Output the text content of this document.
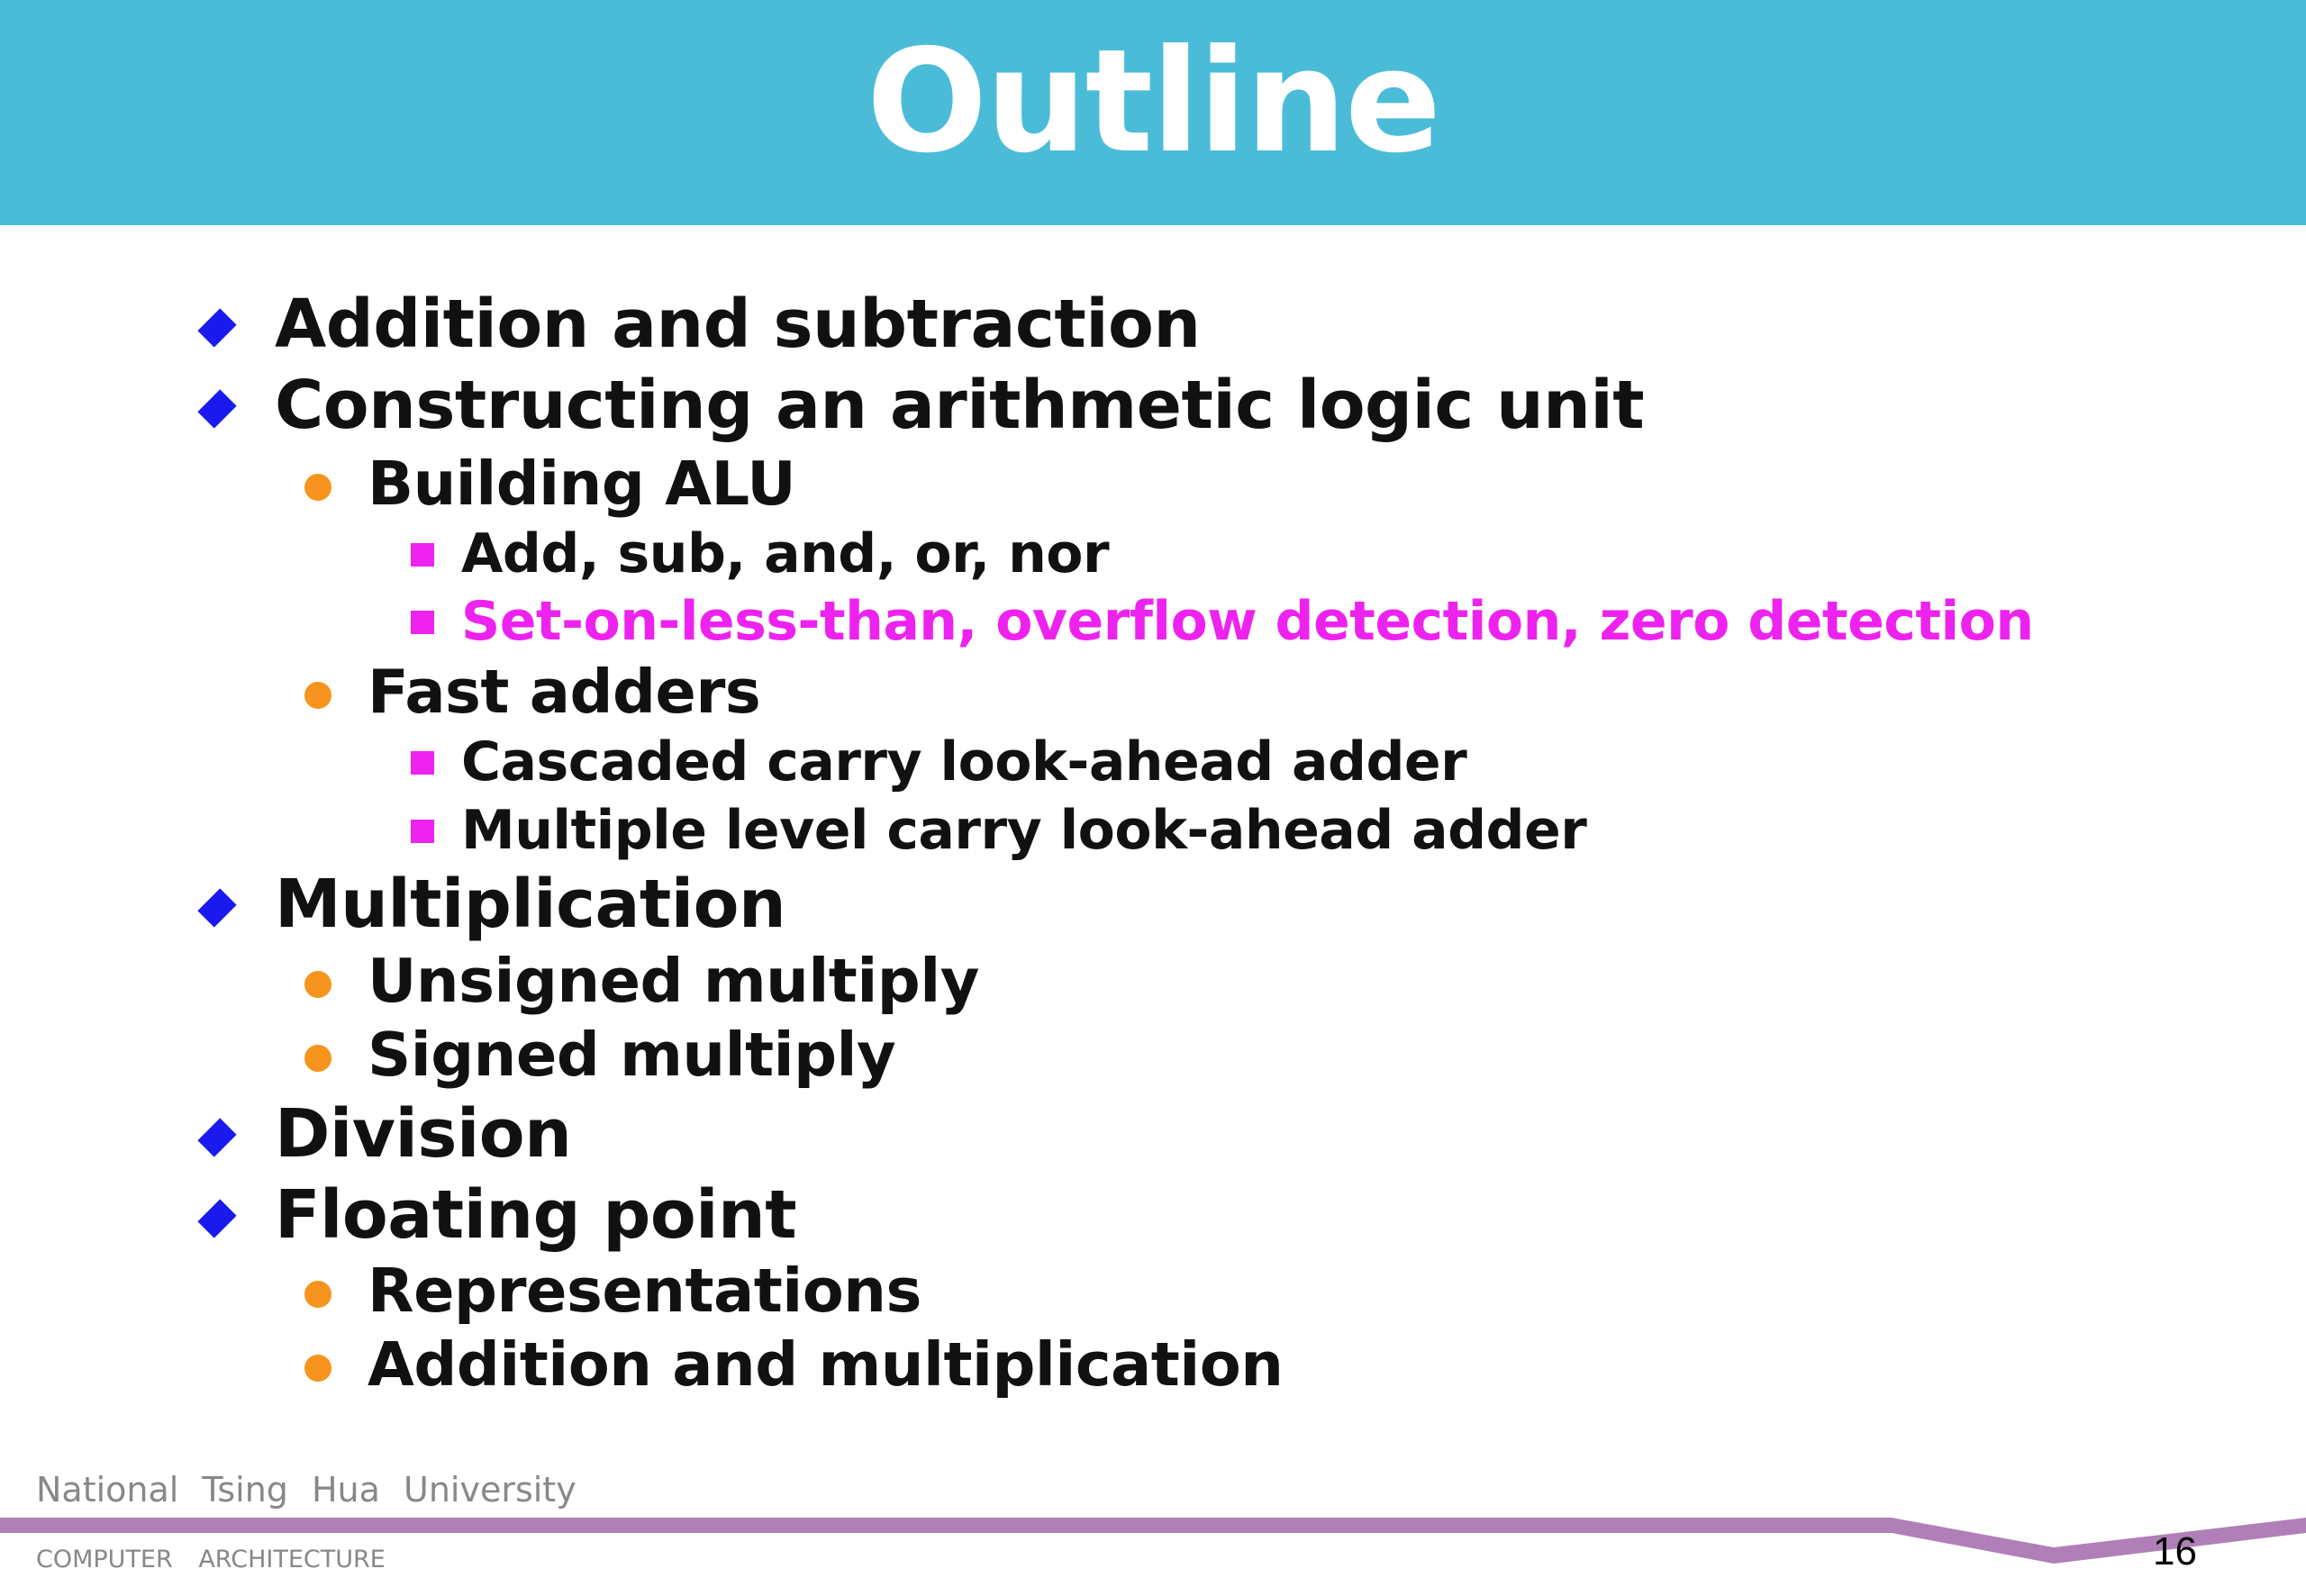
Outline
Addition and subtraction
Constructing an arithmetic logic unit
Building ALU
Add, sub, and, or, nor
Set-on-less-than, overflow detection, zero detection
Fast adders
Cascaded carry look-ahead adder
Multiple level carry look-ahead adder
Multiplication
Unsigned multiply
Signed multiply
Division
Floating point
Representations
Addition and multiplication
National Tsing Hua University
COMPUTER ARCHITECTURE	16
